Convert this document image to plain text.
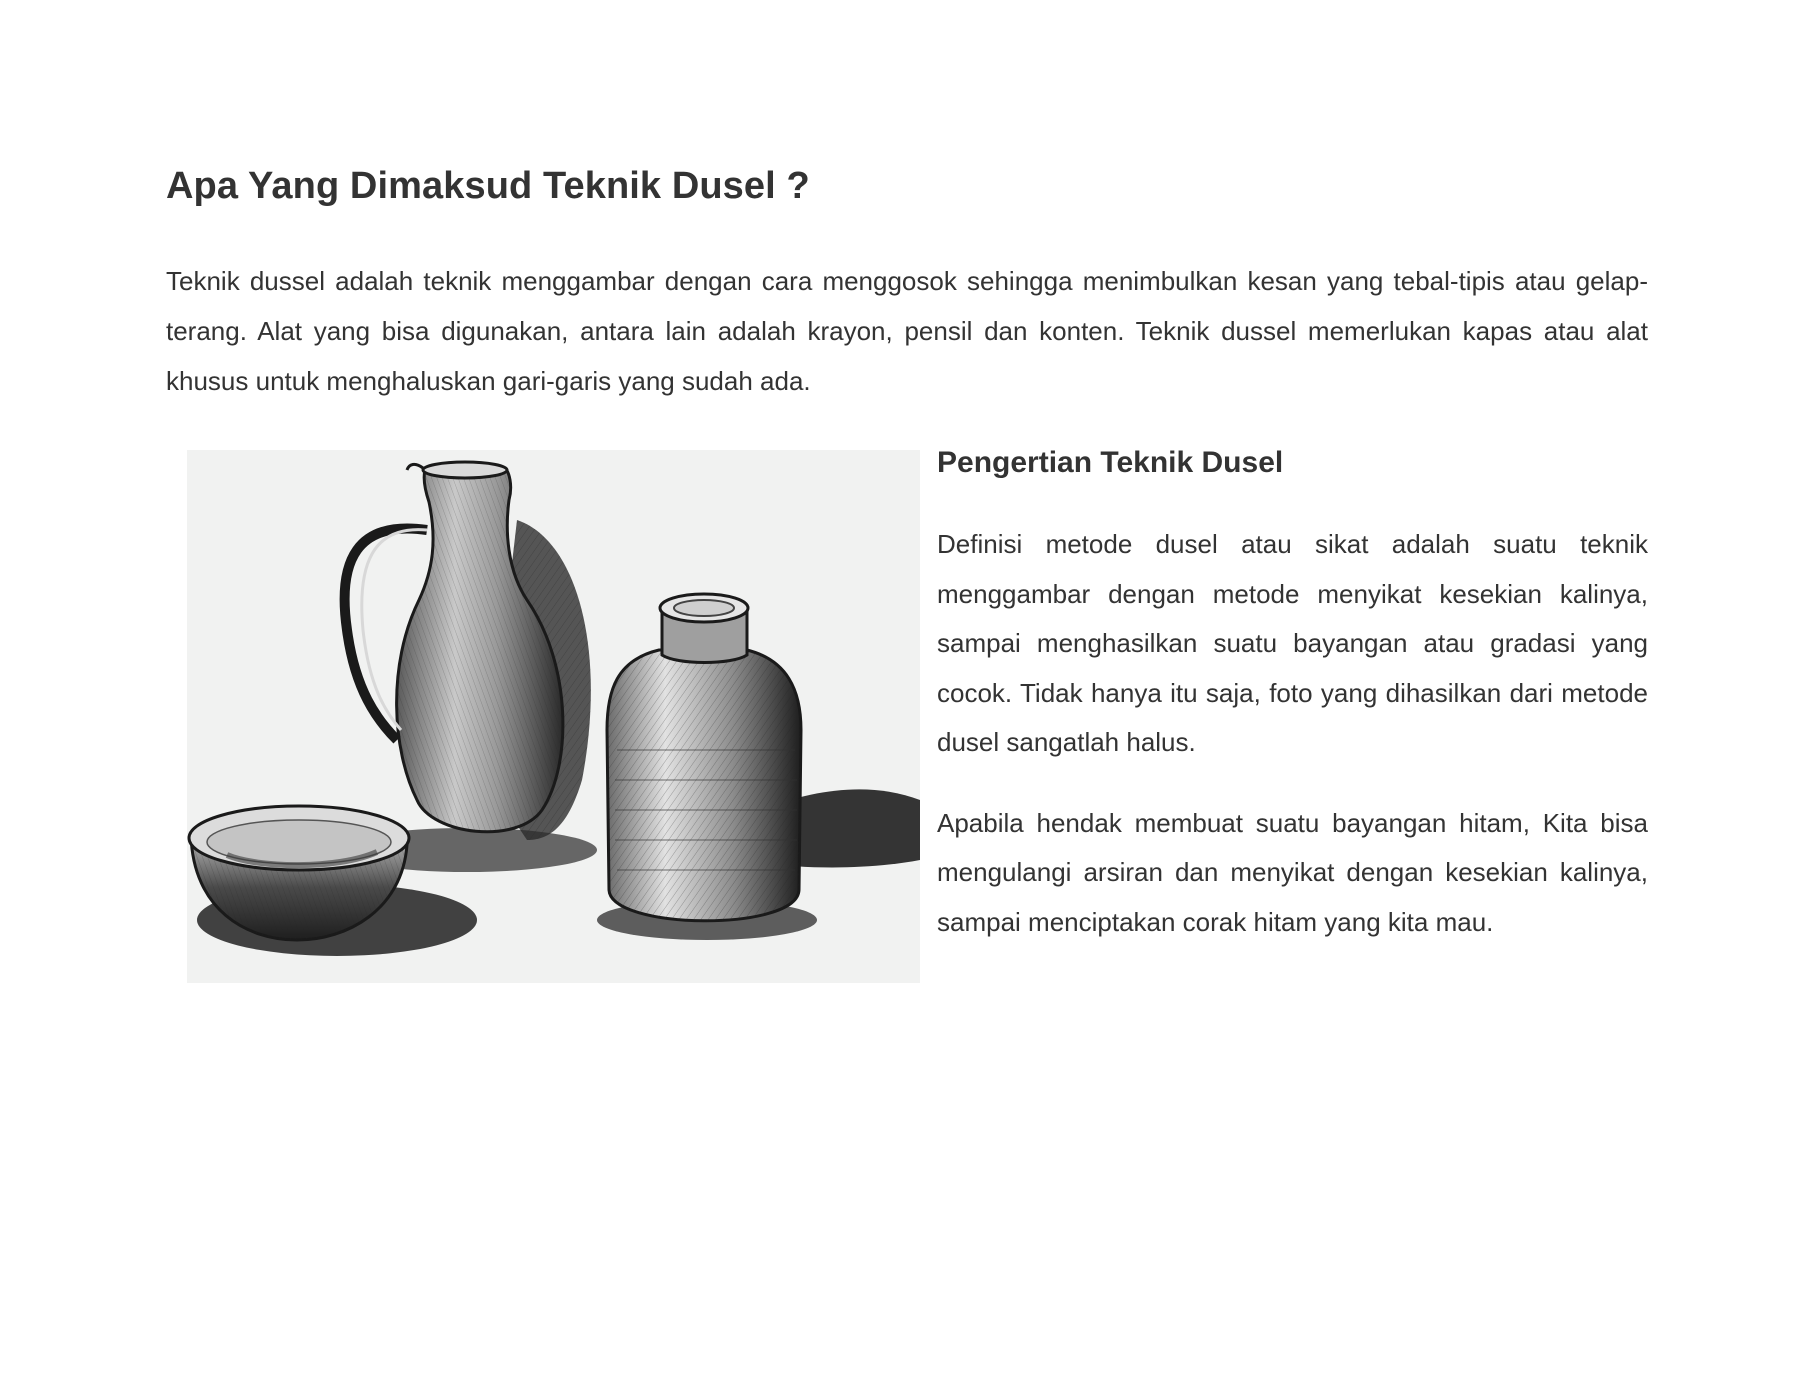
Apa Yang Dimaksud Teknik Dusel ?

Teknik dussel adalah teknik menggambar dengan cara menggosok sehingga menimbulkan kesan yang tebal-tipis atau gelap-terang. Alat yang bisa digunakan, antara lain adalah krayon, pensil dan konten. Teknik dussel memerlukan kapas atau alat khusus untuk menghaluskan gari-garis yang sudah ada.

Pengertian Teknik Dusel

Definisi metode dusel atau sikat adalah suatu teknik menggambar dengan metode menyikat kesekian kalinya, sampai menghasilkan suatu bayangan atau gradasi yang cocok. Tidak hanya itu saja, foto yang dihasilkan dari metode dusel sangatlah halus.

Apabila hendak membuat suatu bayangan hitam, Kita bisa mengulangi arsiran dan menyikat dengan kesekian kalinya, sampai menciptakan corak hitam yang kita mau.
